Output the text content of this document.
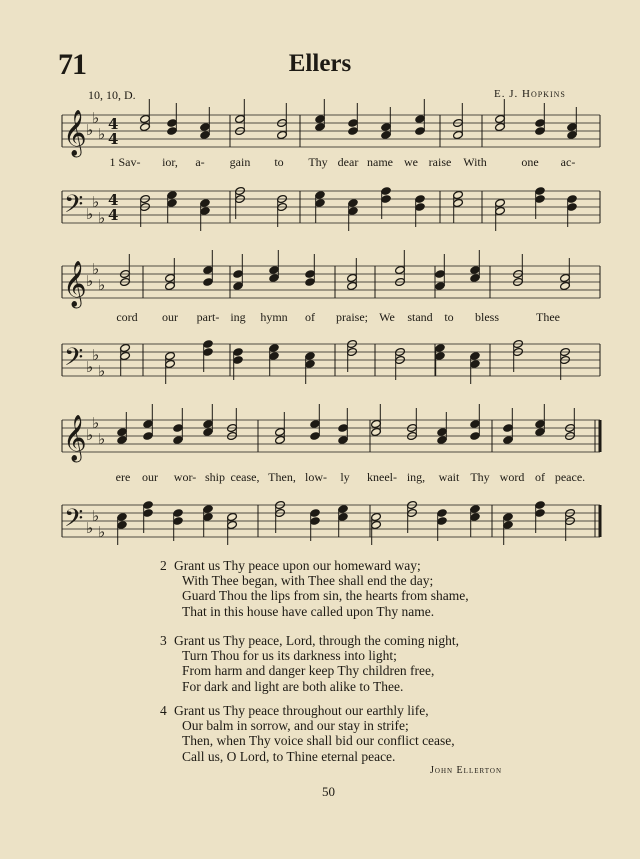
71	Ellers
10, 10, D.	E. J. Hopkins
𝄞
𝄢
♭
♭
♭
♭
♭
♭
4
4
4
4
𝄞
𝄢
♭
♭
♭
♭
♭
♭
𝄞
𝄢
♭
♭
♭
♭
♭
♭
1 Sav- ior, a- gain to Thy dear name we raise With	one ac-
cord our part- ing hymn of praise; We stand to bless	Thee
ere our wor- ship cease, Then, low- ly kneel- ing, wait Thy word of peace.
2 Grant us Thy peace upon our homeward way;
With Thee began, with Thee shall end the day;
Guard Thou the lips from sin, the hearts from shame,
That in this house have called upon Thy name.
3 Grant us Thy peace, Lord, through the coming night,
Turn Thou for us its darkness into light;
From harm and danger keep Thy children free,
For dark and light are both alike to Thee.
4 Grant us Thy peace throughout our earthly life,
Our balm in sorrow, and our stay in strife;
Then, when Thy voice shall bid our conflict cease,
Call us, O Lord, to Thine eternal peace.
John Ellerton
50
